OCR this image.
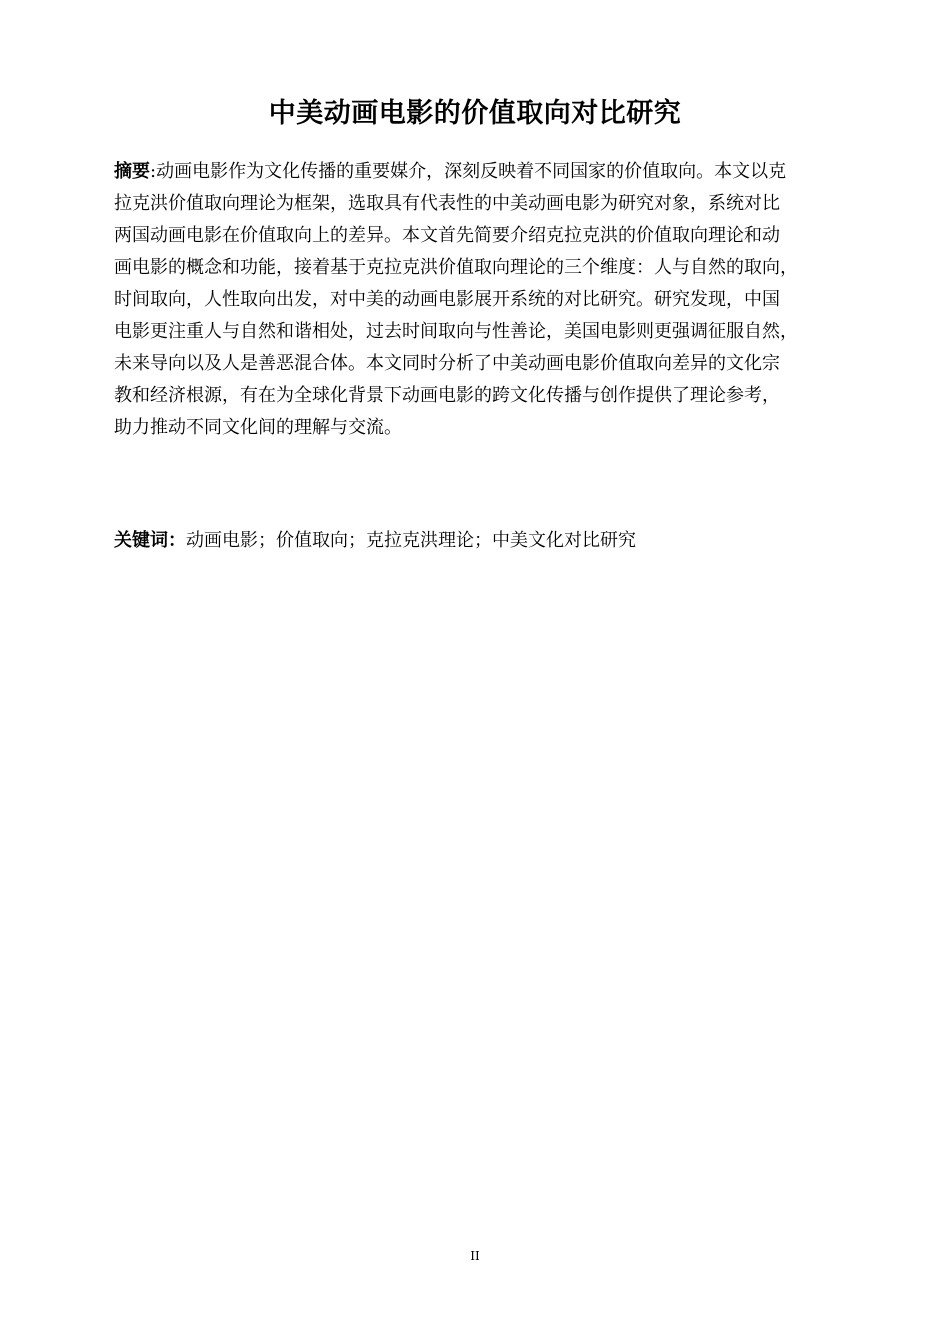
中美动画电影的价值取向对比研究
摘要:动画电影作为文化传播的重要媒介，深刻反映着不同国家的价值取向。本文以克
拉克洪价值取向理论为框架，选取具有代表性的中美动画电影为研究对象，系统对比
两国动画电影在价值取向上的差异。本文首先简要介绍克拉克洪的价值取向理论和动
画电影的概念和功能，接着基于克拉克洪价值取向理论的三个维度：人与自然的取向，
时间取向，人性取向出发，对中美的动画电影展开系统的对比研究。研究发现，中国
电影更注重人与自然和谐相处，过去时间取向与性善论，美国电影则更强调征服自然，
未来导向以及人是善恶混合体。本文同时分析了中美动画电影价值取向差异的文化宗
教和经济根源，有在为全球化背景下动画电影的跨文化传播与创作提供了理论参考，
助力推动不同文化间的理解与交流。
关键词：动画电影；价值取向；克拉克洪理论；中美文化对比研究
II
